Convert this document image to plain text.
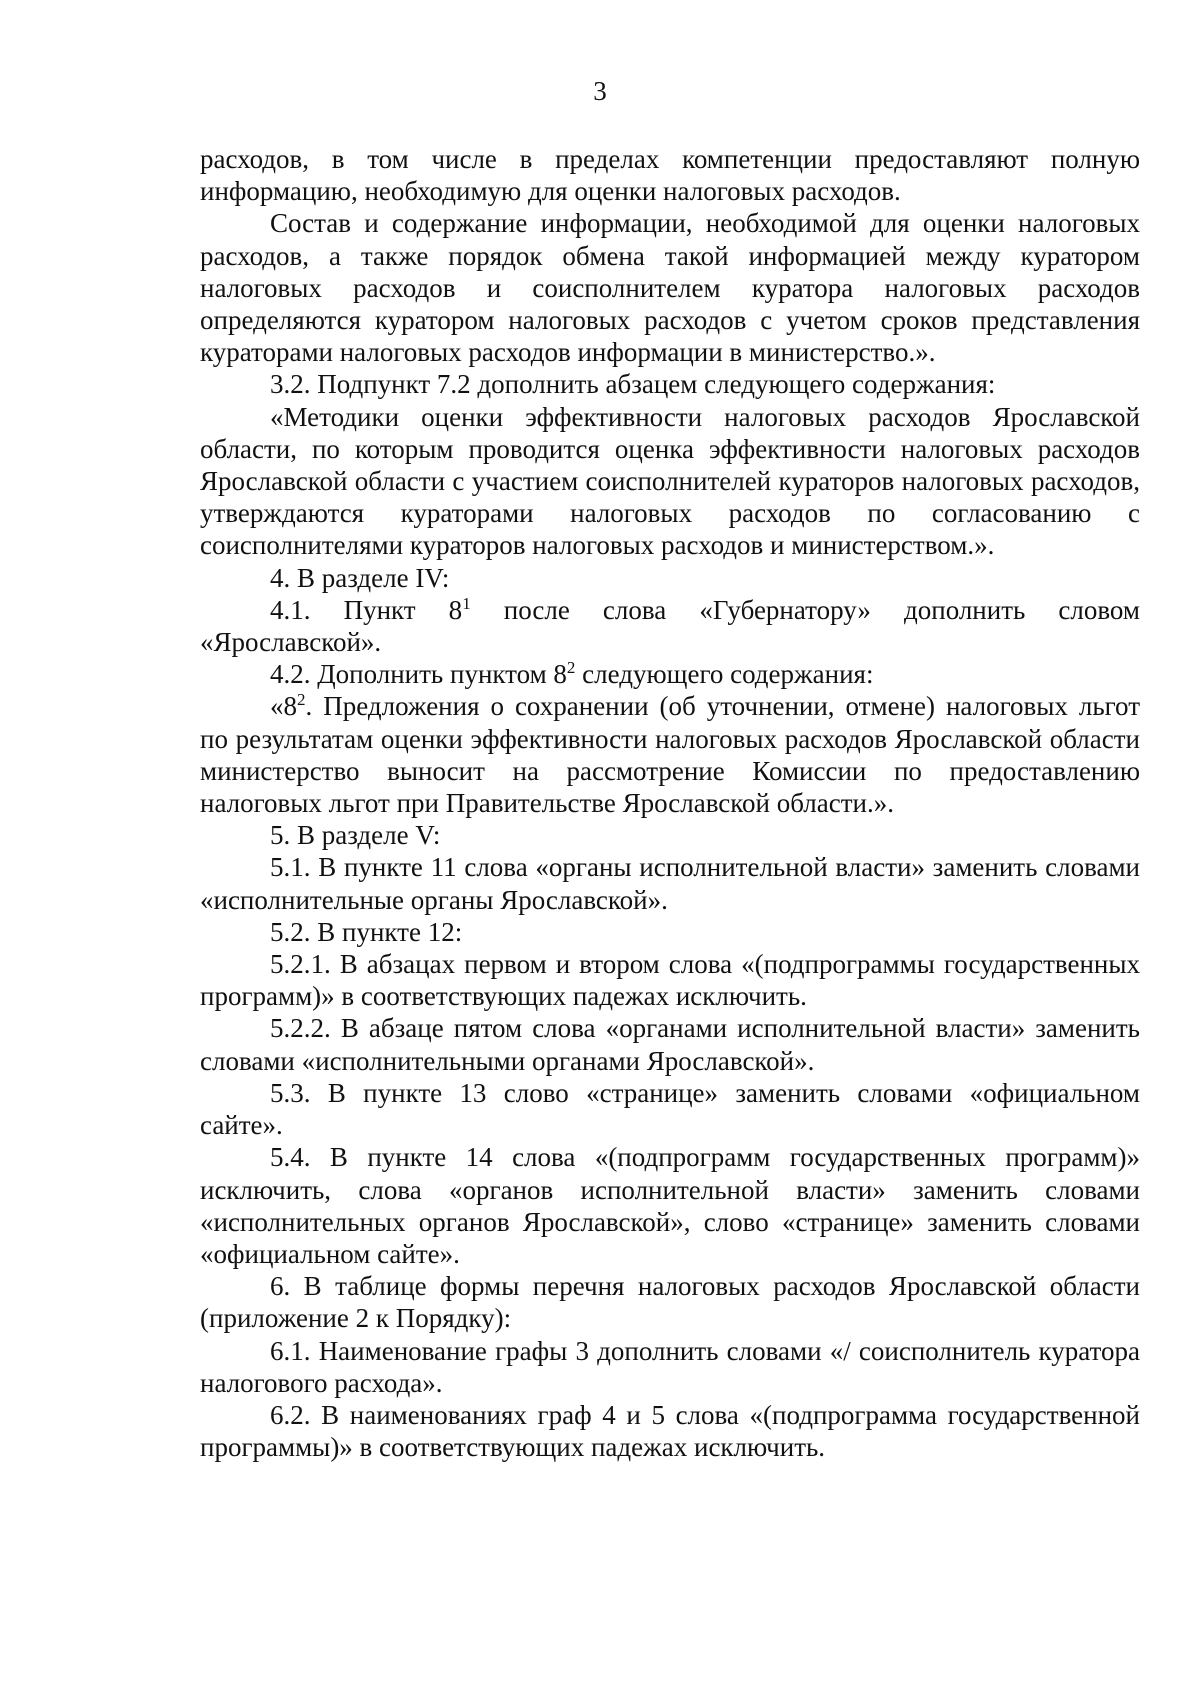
3

расходов, в том числе в пределах компетенции предоставляют полную информацию, необходимую для оценки налоговых расходов.

Состав и содержание информации, необходимой для оценки налоговых расходов, а также порядок обмена такой информацией между куратором налоговых расходов и соисполнителем куратора налоговых расходов определяются куратором налоговых расходов с учетом сроков представления кураторами налоговых расходов информации в министерство.».

3.2. Подпункт 7.2 дополнить абзацем следующего содержания:

«Методики оценки эффективности налоговых расходов Ярославской области, по которым проводится оценка эффективности налоговых расходов Ярославской области с участием соисполнителей кураторов налоговых расходов, утверждаются кураторами налоговых расходов по согласованию с соисполнителями кураторов налоговых расходов и министерством.».

4. В разделе IV:

4.1. Пункт $8^1$ после слова «Губернатору» дополнить словом «Ярославской».

4.2. Дополнить пунктом $8^2$ следующего содержания:

«$8^2$. Предложения о сохранении (об уточнении, отмене) налоговых льгот по результатам оценки эффективности налоговых расходов Ярославской области министерство выносит на рассмотрение Комиссии по предоставлению налоговых льгот при Правительстве Ярославской области.».

5. В разделе V:

5.1. В пункте 11 слова «органы исполнительной власти» заменить словами «исполнительные органы Ярославской».

5.2. В пункте 12:

5.2.1. В абзацах первом и втором слова «(подпрограммы государственных программ)» в соответствующих падежах исключить.

5.2.2. В абзаце пятом слова «органами исполнительной власти» заменить словами «исполнительными органами Ярославской».

5.3. В пункте 13 слово «странице» заменить словами «официальном сайте».

5.4. В пункте 14 слова «(подпрограмм государственных программ)» исключить, слова «органов исполнительной власти» заменить словами «исполнительных органов Ярославской», слово «странице» заменить словами «официальном сайте».

6. В таблице формы перечня налоговых расходов Ярославской области (приложение 2 к Порядку):

6.1. Наименование графы 3 дополнить словами «/ соисполнитель куратора налогового расхода».

6.2. В наименованиях граф 4 и 5 слова «(подпрограмма государственной программы)» в соответствующих падежах исключить.
